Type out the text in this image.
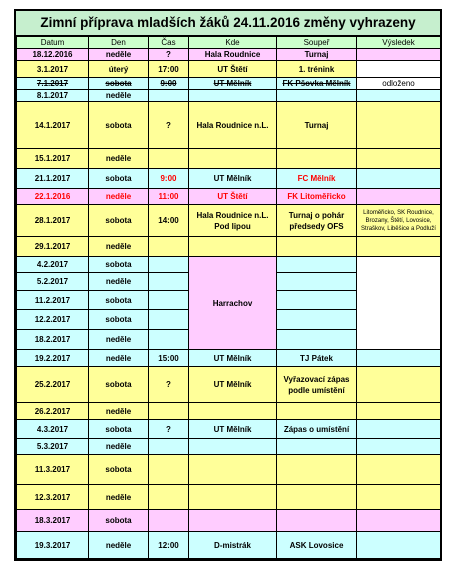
Zimní příprava mladších žáků 24.11.2016 změny vyhrazeny
Datum	Den	Čas	Kde	Soupeř	Výsledek
18.12.2016	neděle	?	Hala Roudnice	Turnaj	
3.1.2017	úterý	17:00	UT Štětí	1. trénink	
7.1.2017	sobota	9:00	UT Mělník	FK Pšovka Mělník	odloženo
8.1.2017	neděle				
14.1.2017	sobota	?	Hala Roudnice n.L.	Turnaj	
15.1.2017	neděle				
21.1.2017	sobota	9:00	UT Mělník	FC Mělník	
22.1.2016	neděle	11:00	UT Štětí	FK Litoměřicko	
28.1.2017	sobota	14:00	Hala Roudnice n.L. Pod lipou	Turnaj o pohár předsedy OFS	Litoměřicko, SK Roudnice, Brozany, Štětí, Lovosice, Straškov, Liběšice a Podluží
29.1.2017	neděle				
4.2.2017	sobota		Harrachov		
5.2.2017	neděle				
11.2.2017	sobota				
12.2.2017	sobota				
18.2.2017	neděle				
19.2.2017	neděle	15:00	UT Mělník	TJ Pátek	
25.2.2017	sobota	?	UT Mělník	Vyřazovací zápas podle umístění	
26.2.2017	neděle				
4.3.2017	sobota	?	UT Mělník	Zápas o umístění	
5.3.2017	neděle				
11.3.2017	sobota				
12.3.2017	neděle				
18.3.2017	sobota				
19.3.2017	neděle	12:00	D-mistrák	ASK Lovosice	
